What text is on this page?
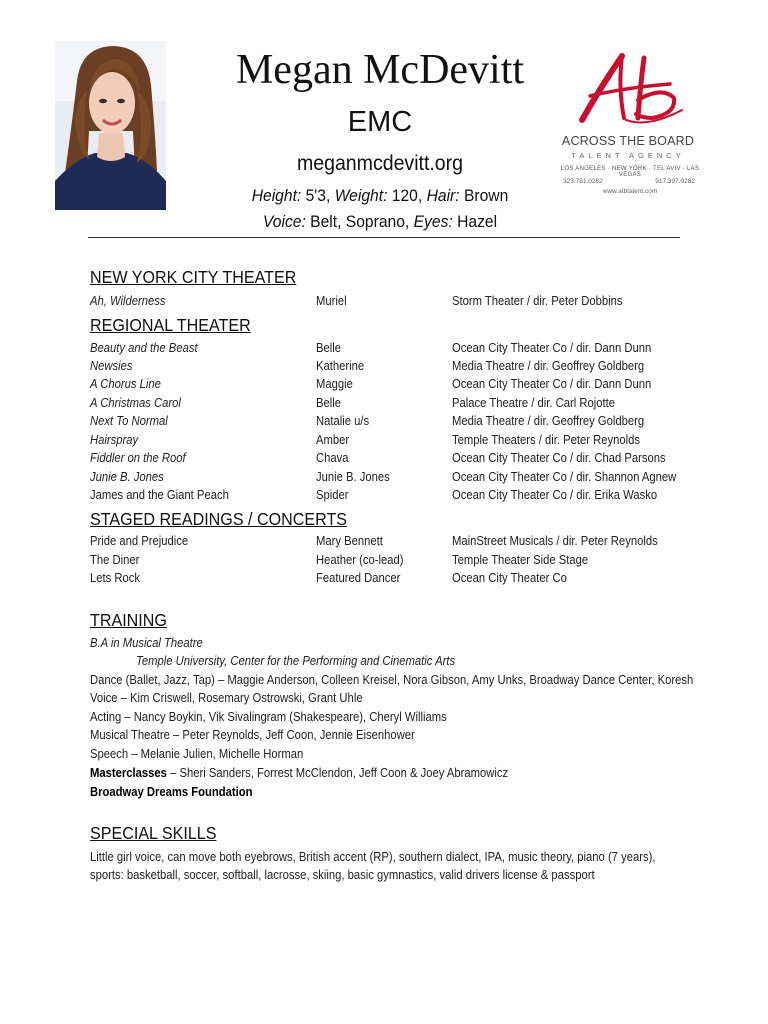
Megan McDevitt
EMC
meganmcdevitt.org
Height: 5'3, Weight: 120, Hair: Brown
Voice: Belt, Soprano, Eyes: Hazel
ACROSS THE BOARD
TALENT AGENCY
LOS ANGELES · NEW YORK · TEL AVIV · LAS VEGAS
323.761.0282	917.397.0282
www.atbtalent.com
NEW YORK CITY THEATER
Ah, Wilderness	Muriel	Storm Theater / dir. Peter Dobbins
REGIONAL THEATER
Beauty and the Beast	Belle	Ocean City Theater Co / dir. Dann Dunn
Newsies	Katherine	Media Theatre / dir. Geoffrey Goldberg
A Chorus Line	Maggie	Ocean City Theater Co / dir. Dann Dunn
A Christmas Carol	Belle	Palace Theatre / dir. Carl Rojotte
Next To Normal	Natalie u/s	Media Theatre / dir. Geoffrey Goldberg
Hairspray	Amber	Temple Theaters / dir. Peter Reynolds
Fiddler on the Roof	Chava	Ocean City Theater Co / dir. Chad Parsons
Junie B. Jones	Junie B. Jones	Ocean City Theater Co / dir. Shannon Agnew
James and the Giant Peach	Spider	Ocean City Theater Co / dir. Erika Wasko
STAGED READINGS / CONCERTS
Pride and Prejudice	Mary Bennett	MainStreet Musicals / dir. Peter Reynolds
The Diner	Heather (co-lead)	Temple Theater Side Stage
Lets Rock	Featured Dancer	Ocean City Theater Co
TRAINING
B.A in Musical Theatre
Temple University, Center for the Performing and Cinematic Arts
Dance (Ballet, Jazz, Tap) – Maggie Anderson, Colleen Kreisel, Nora Gibson, Amy Unks, Broadway Dance Center, Koresh
Voice – Kim Criswell, Rosemary Ostrowski, Grant Uhle
Acting – Nancy Boykin, Vik Sivalingram (Shakespeare), Cheryl Williams
Musical Theatre – Peter Reynolds, Jeff Coon, Jennie Eisenhower
Speech – Melanie Julien, Michelle Horman
Masterclasses – Sheri Sanders, Forrest McClendon, Jeff Coon & Joey Abramowicz
Broadway Dreams Foundation
SPECIAL SKILLS
Little girl voice, can move both eyebrows, British accent (RP), southern dialect, IPA, music theory, piano (7 years),
sports: basketball, soccer, softball, lacrosse, skiing, basic gymnastics, valid drivers license & passport
